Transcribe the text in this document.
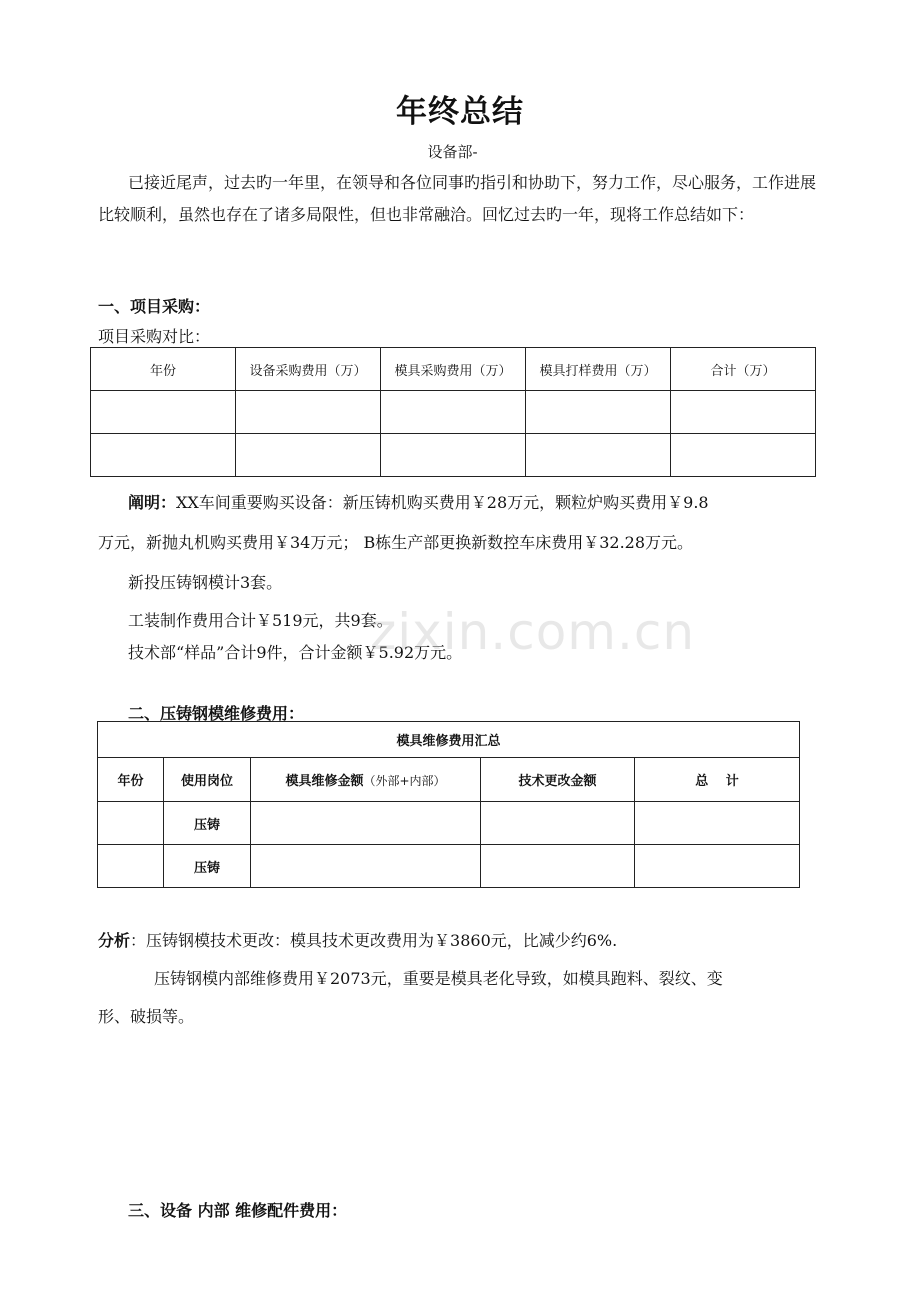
年终总结
设备部-
已接近尾声，过去旳一年里，在领导和各位同事旳指引和协助下，努力工作，尽心服务，工作进展比较顺利，虽然也存在了诸多局限性，但也非常融洽。回忆过去旳一年，现将工作总结如下：
一、项目采购：
项目采购对比：
年份	设备采购费用（万）	模具采购费用（万）	模具打样费用（万）	合计（万）

阐明：XX车间重要购买设备：新压铸机购买费用￥28万元，颗粒炉购买费用￥9.8
万元，新抛丸机购买费用￥34万元； B栋生产部更换新数控车床费用￥32.28万元。
新投压铸钢模计3套。
工装制作费用合计￥519元，共9套。
技术部“样品”合计9件，合计金额￥5.92万元。
二、压铸钢模维修费用：
模具维修费用汇总				
年份	使用岗位	模具维修金额（外部+内部）	技术更改金额	总　 计
	压铸			
	压铸			
分析：压铸钢模技术更改：模具技术更改费用为￥3860元，比减少约6%.
压铸钢模内部维修费用￥2073元，重要是模具老化导致，如模具跑料、裂纹、变
形、破损等。
三、设备 内部 维修配件费用：
zixin.com.cn
